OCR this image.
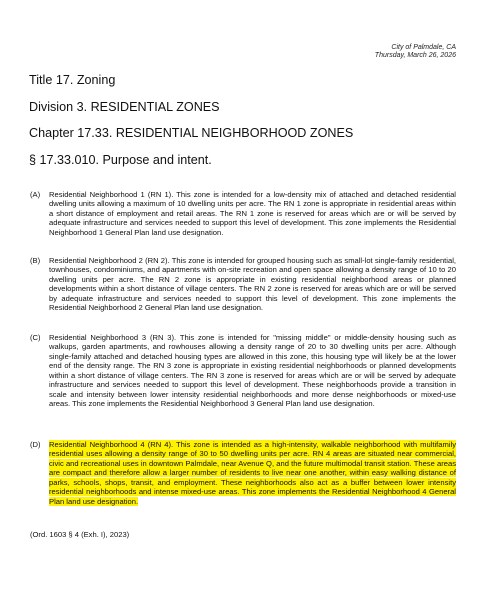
City of Palmdale, CA
Thursday, March 26, 2026
Title 17. Zoning
Division 3. RESIDENTIAL ZONES
Chapter 17.33. RESIDENTIAL NEIGHBORHOOD ZONES
§ 17.33.010. Purpose and intent.
(A) Residential Neighborhood 1 (RN 1). This zone is intended for a low-density mix of attached and detached residential dwelling units allowing a maximum of 10 dwelling units per acre. The RN 1 zone is appropriate in residential areas within a short distance of employment and retail areas. The RN 1 zone is reserved for areas which are or will be served by adequate infrastructure and services needed to support this level of development. This zone implements the Residential Neighborhood 1 General Plan land use designation.
(B) Residential Neighborhood 2 (RN 2). This zone is intended for grouped housing such as small-lot single-family residential, townhouses, condominiums, and apartments with on-site recreation and open space allowing a density range of 10 to 20 dwelling units per acre. The RN 2 zone is appropriate in existing residential neighborhood areas or planned developments within a short distance of village centers. The RN 2 zone is reserved for areas which are or will be served by adequate infrastructure and services needed to support this level of development. This zone implements the Residential Neighborhood 2 General Plan land use designation.
(C) Residential Neighborhood 3 (RN 3). This zone is intended for "missing middle" or middle-density housing such as walkups, garden apartments, and rowhouses allowing a density range of 20 to 30 dwelling units per acre. Although single-family attached and detached housing types are allowed in this zone, this housing type will likely be at the lower end of the density range. The RN 3 zone is appropriate in existing residential neighborhoods or planned developments within a short distance of village centers. The RN 3 zone is reserved for areas which are or will be served by adequate infrastructure and services needed to support this level of development. These neighborhoods provide a transition in scale and intensity between lower intensity residential neighborhoods and more dense neighborhoods or mixed-use areas. This zone implements the Residential Neighborhood 3 General Plan land use designation.
(D) Residential Neighborhood 4 (RN 4). This zone is intended as a high-intensity, walkable neighborhood with multifamily residential uses allowing a density range of 30 to 50 dwelling units per acre. RN 4 areas are situated near commercial, civic and recreational uses in downtown Palmdale, near Avenue Q, and the future multimodal transit station. These areas are compact and therefore allow a larger number of residents to live near one another, within easy walking distance of parks, schools, shops, transit, and employment. These neighborhoods also act as a buffer between lower intensity residential neighborhoods and intense mixed-use areas. This zone implements the Residential Neighborhood 4 General Plan land use designation.
(Ord. 1603 § 4 (Exh. I), 2023)
